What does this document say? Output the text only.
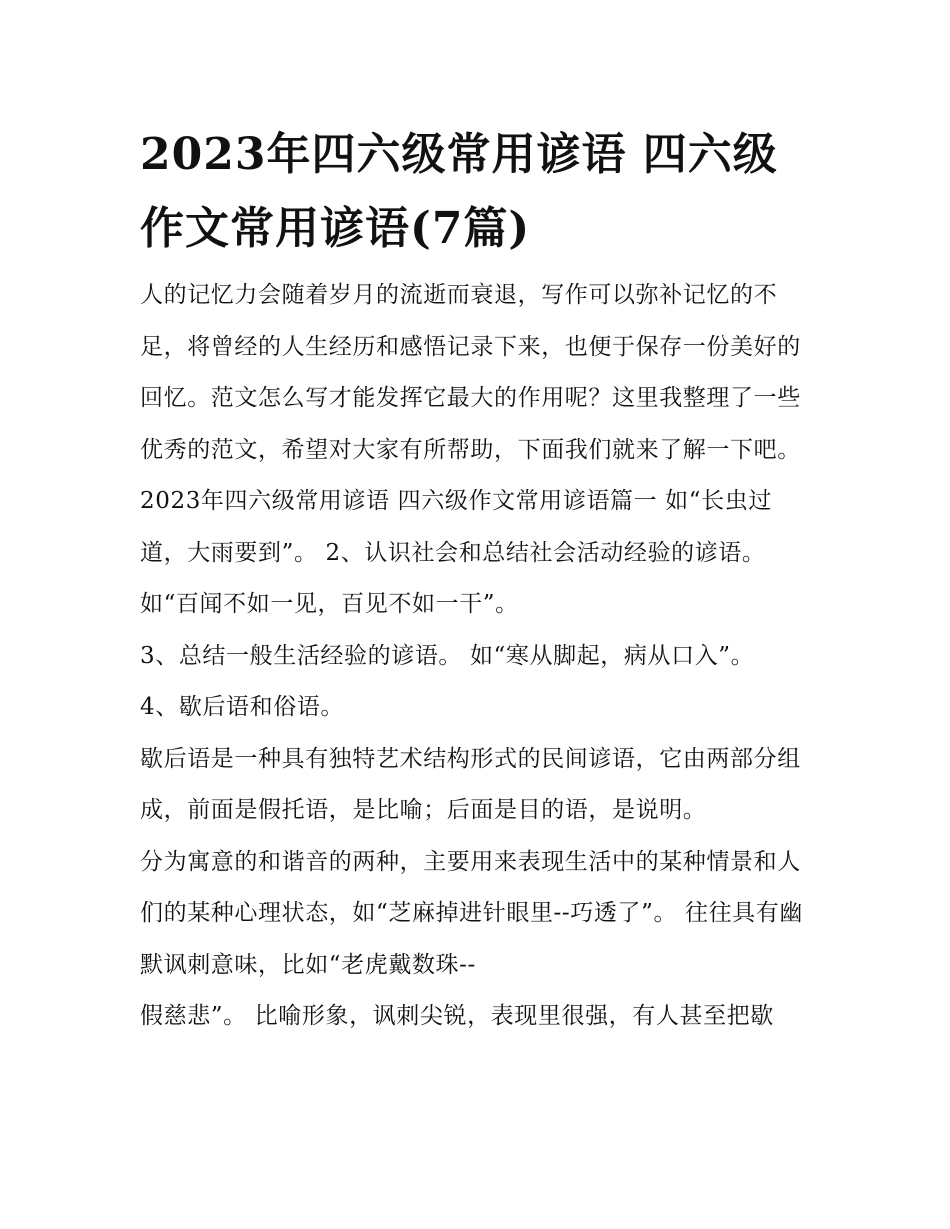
2023年四六级常用谚语 四六级作文常用谚语(7篇)

人的记忆力会随着岁月的流逝而衰退，写作可以弥补记忆的不足，将曾经的人生经历和感悟记录下来，也便于保存一份美好的回忆。范文怎么写才能发挥它最大的作用呢？这里我整理了一些优秀的范文，希望对大家有所帮助，下面我们就来了解一下吧。

2023年四六级常用谚语 四六级作文常用谚语篇一 如“长虫过道，大雨要到”。 2、认识社会和总结社会活动经验的谚语。

如“百闻不如一见，百见不如一干”。

3、总结一般生活经验的谚语。 如“寒从脚起，病从口入”。

4、歇后语和俗语。

歇后语是一种具有独特艺术结构形式的民间谚语，它由两部分组成，前面是假托语，是比喻；后面是目的语，是说明。

分为寓意的和谐音的两种，主要用来表现生活中的某种情景和人们的某种心理状态，如“芝麻掉进针眼里--巧透了”。 往往具有幽默讽刺意味，比如“老虎戴数珠--

假慈悲”。 比喻形象，讽刺尖锐，表现里很强，有人甚至把歇
